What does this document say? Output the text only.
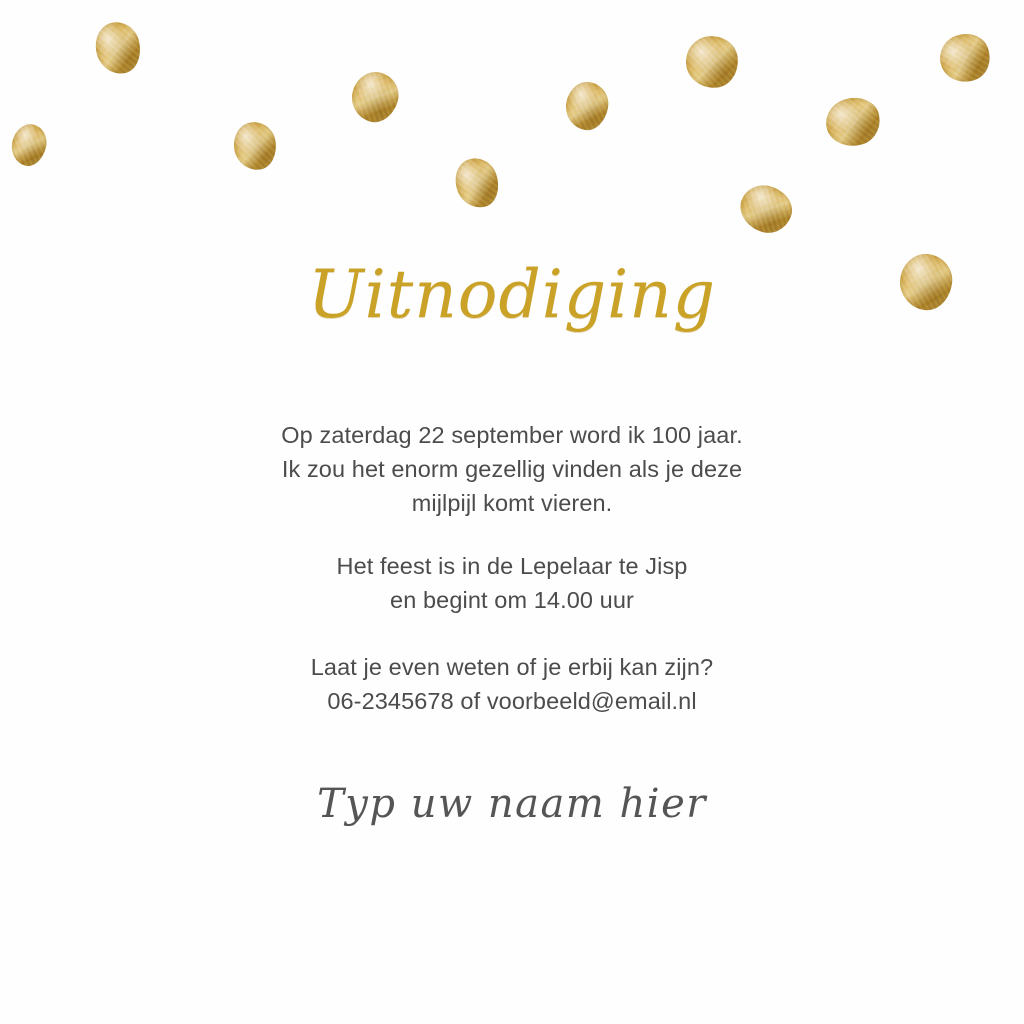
Uitnodiging
Op zaterdag 22 september word ik 100 jaar.
Ik zou het enorm gezellig vinden als je deze
mijlpijl komt vieren.
Het feest is in de Lepelaar te Jisp
en begint om 14.00 uur
Laat je even weten of je erbij kan zijn?
06-2345678 of voorbeeld@email.nl
Typ uw naam hier
